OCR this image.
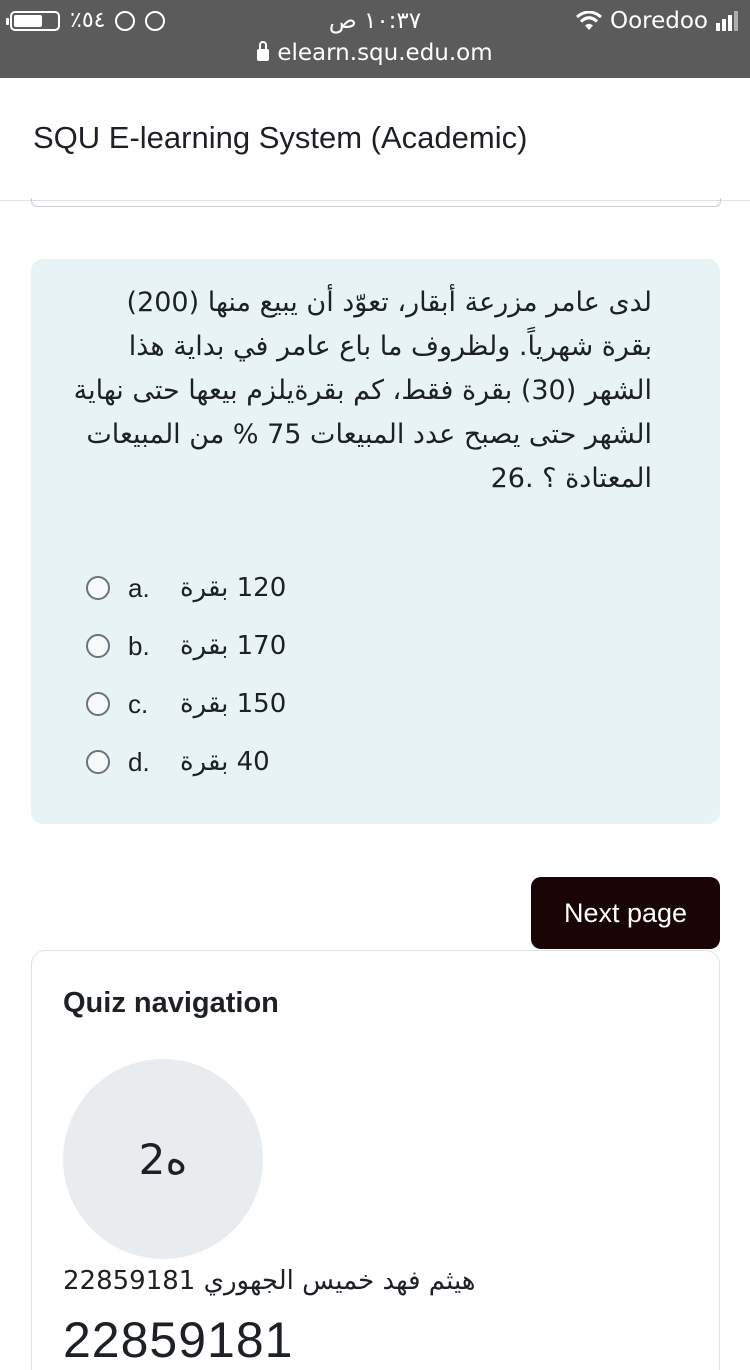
٪٥٤	١٠:٣٧ ص	Ooredoo
elearn.squ.edu.om
SQU E-learning System (Academic)
لدى عامر مزرعة أبقار، تعوّد أن يبيع منها (200) بقرة شهرياً. ولظروف ما باع عامر في بداية هذا الشهر (30) بقرة فقط، كم بقرةيلزم بيعها حتى نهاية الشهر حتى يصبح عدد المبيعات 75 % من المبيعات المعتادة ؟ 26.
a.	120 بقرة
b.	170 بقرة
c.	150 بقرة
d.	40 بقرة
Next page
Quiz navigation
2ه
22859181 هيثم فهد خميس الجهوري
22859181
